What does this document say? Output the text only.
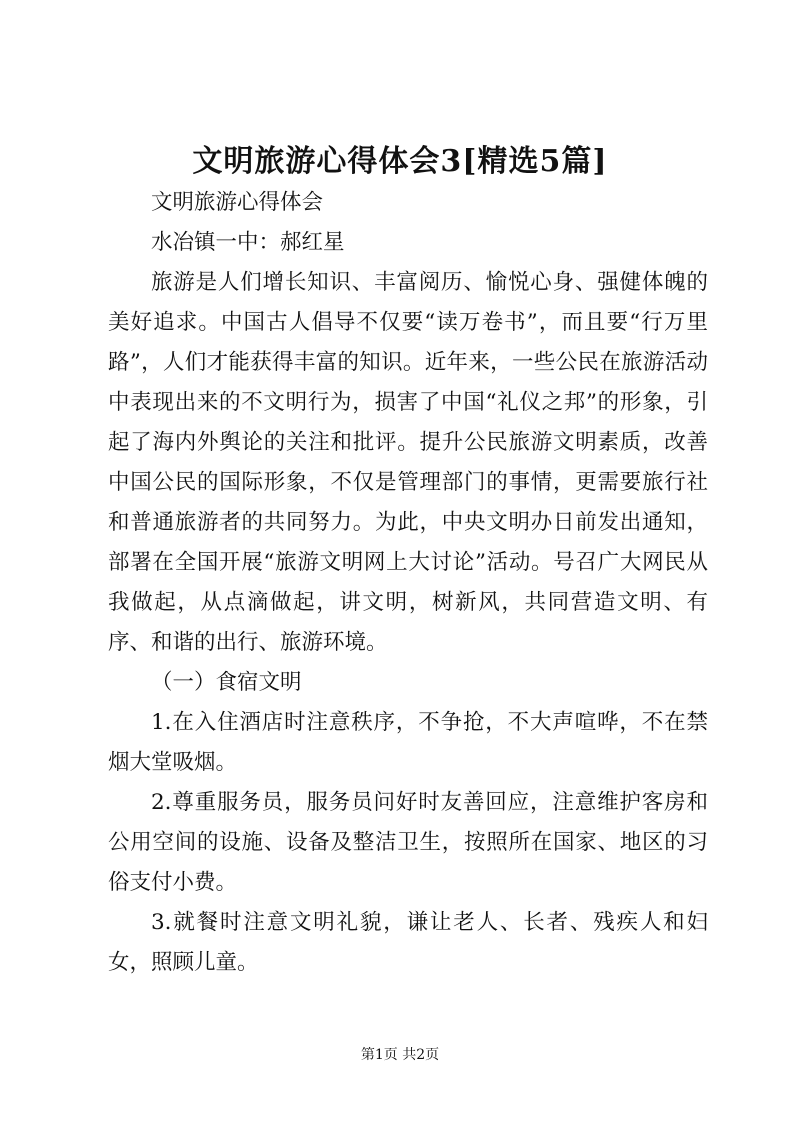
文明旅游心得体会3[精选5篇]

文明旅游心得体会

水冶镇一中：郝红星

旅游是人们增长知识、丰富阅历、愉悦心身、强健体魄的美好追求。中国古人倡导不仅要“读万卷书”，而且要“行万里路”，人们才能获得丰富的知识。近年来，一些公民在旅游活动中表现出来的不文明行为，损害了中国“礼仪之邦”的形象，引起了海内外舆论的关注和批评。提升公民旅游文明素质，改善中国公民的国际形象，不仅是管理部门的事情，更需要旅行社和普通旅游者的共同努力。为此，中央文明办日前发出通知，部署在全国开展“旅游文明网上大讨论”活动。号召广大网民从我做起，从点滴做起，讲文明，树新风，共同营造文明、有序、和谐的出行、旅游环境。

（一）食宿文明

1.在入住酒店时注意秩序，不争抢，不大声喧哗，不在禁烟大堂吸烟。

2.尊重服务员，服务员问好时友善回应，注意维护客房和公用空间的设施、设备及整洁卫生，按照所在国家、地区的习俗支付小费。

3.就餐时注意文明礼貌，谦让老人、长者、残疾人和妇女，照顾儿童。

第1页 共2页
